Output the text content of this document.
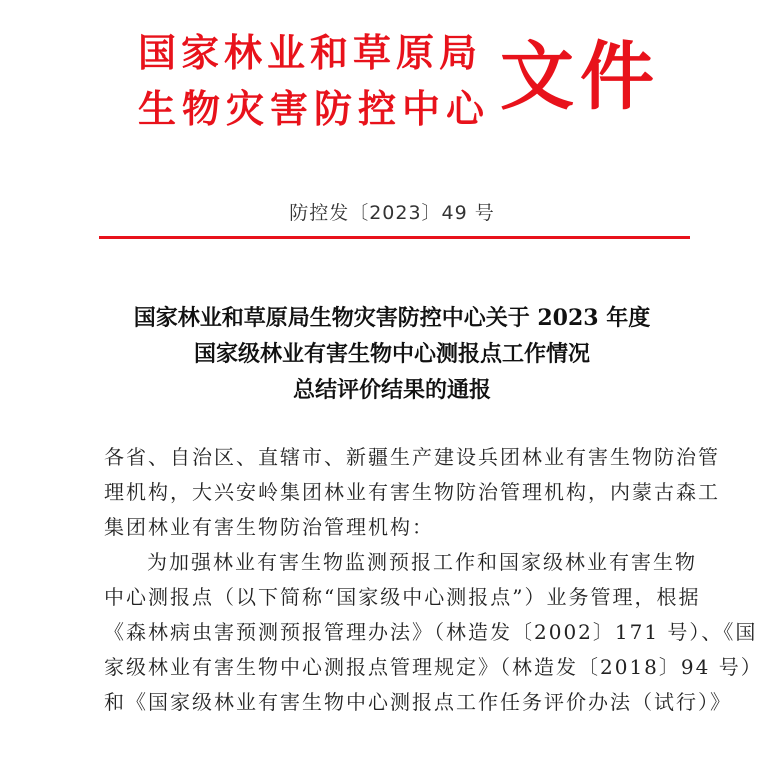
国家林业和草原局
生物灾害防控中心 文件
防控发〔2023〕49 号
国家林业和草原局生物灾害防控中心关于 2023 年度
国家级林业有害生物中心测报点工作情况
总结评价结果的通报

各省、自治区、直辖市、新疆生产建设兵团林业有害生物防治管

理机构，大兴安岭集团林业有害生物防治管理机构，内蒙古森工

集团林业有害生物防治管理机构：

为加强林业有害生物监测预报工作和国家级林业有害生物

中心测报点（以下简称“国家级中心测报点”）业务管理，根据

《森林病虫害预测预报管理办法》（林造发〔2002〕171 号）、《国

家级林业有害生物中心测报点管理规定》（林造发〔2018〕94 号）

和《国家级林业有害生物中心测报点工作任务评价办法（试行）》
